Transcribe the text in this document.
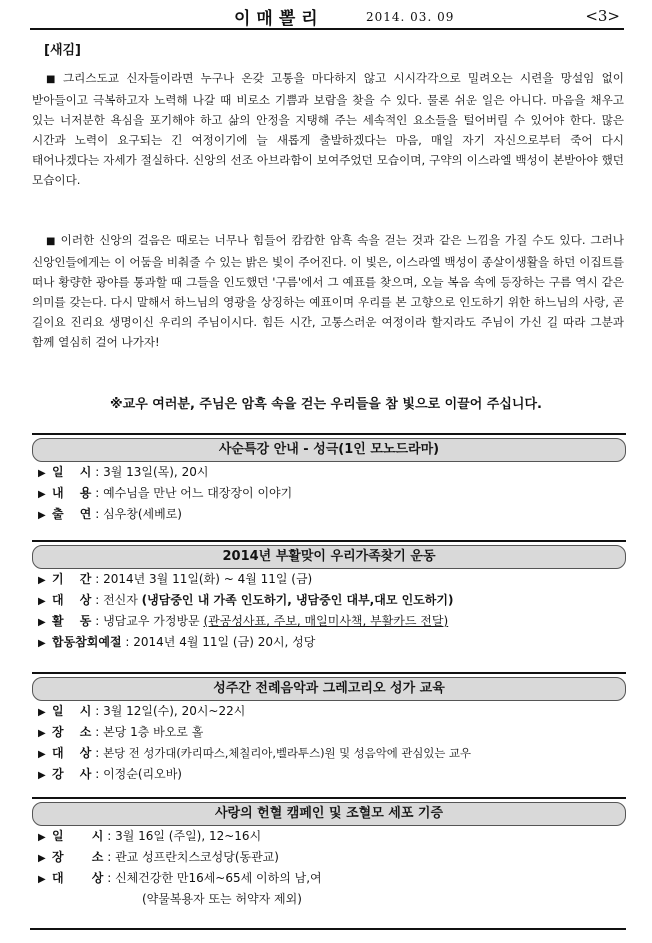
이매뽈리	2014. 03. 09	<3>
[새김]
■ 그리스도교 신자들이라면 누구나 온갖 고통을 마다하지 않고 시시각각으로 밀려오는 시련을 망설임 없이 받아들이고 극복하고자 노력해 나갈 때 비로소 기쁨과 보람을 찾을 수 있다. 물론 쉬운 일은 아니다. 마음을 채우고 있는 너저분한 욕심을 포기해야 하고 삶의 안정을 지탱해 주는 세속적인 요소들을 털어버릴 수 있어야 한다. 많은 시간과 노력이 요구되는 긴 여정이기에 늘 새롭게 출발하겠다는 마음, 매일 자기 자신으로부터 죽어 다시 태어나겠다는 자세가 절실하다. 신앙의 선조 아브라함이 보여주었던 모습이며, 구약의 이스라엘 백성이 본받아야 했던 모습이다.
■ 이러한 신앙의 걸음은 때로는 너무나 힘들어 캄캄한 암흑 속을 걷는 것과 같은 느낌을 가질 수도 있다. 그러나 신앙인들에게는 이 어둠을 비춰줄 수 있는 밝은 빛이 주어진다. 이 빛은, 이스라엘 백성이 종살이생활을 하던 이집트를 떠나 황량한 광야를 통과할 때 그들을 인도했던 '구름'에서 그 예표를 찾으며, 오늘 복음 속에 등장하는 구름 역시 같은 의미를 갖는다. 다시 말해서 하느님의 영광을 상징하는 예표이며 우리를 본 고향으로 인도하기 위한 하느님의 사랑, 곧 길이요 진리요 생명이신 우리의 주님이시다. 힘든 시간, 고통스러운 여정이라 할지라도 주님이 가신 길 따라 그분과 함께 열심히 걸어 나가자!
※교우 여러분, 주님은 암흑 속을 걷는 우리들을 참 빛으로 이끌어 주십니다.
사순특강 안내 - 성극(1인 모노드라마)
▶ 일　 시 : 3월 13일(목), 20시
▶ 내　 용 : 예수님을 만난 어느 대장장이 이야기
▶ 출　 연 : 심우창(세베로)
2014년 부활맞이 우리가족찾기 운동
▶ 기　 간 : 2014년 3월 11일(화) ~ 4월 11일 (금)
▶ 대　 상 : 전신자 (냉담중인 내 가족 인도하기, 냉담중인 대부,대모 인도하기)
▶ 활　 동 : 냉담교우 가정방문 (관공성사표, 주보, 매일미사책, 부활카드 전달)
▶ 합동참회예절 : 2014년 4월 11일 (금) 20시, 성당
성주간 전례음악과 그레고리오 성가 교육
▶ 일　 시 : 3월 12일(수), 20시~22시
▶ 장　 소 : 본당 1층 바오로 홀
▶ 대　 상 : 본당 전 성가대(카리따스,체칠리아,벨라투스)원 및 성음악에 관심있는 교우
▶ 강　 사 : 이정순(리오바)
사랑의 헌혈 캠페인 및 조혈모 세포 기증
▶ 일　　 시 : 3월 16일 (주일), 12~16시
▶ 장　　 소 : 관교 성프란치스코성당(동관교)
▶ 대　　 상 : 신체건강한 만16세~65세 이하의 남,여
(약물복용자 또는 허약자 제외)
